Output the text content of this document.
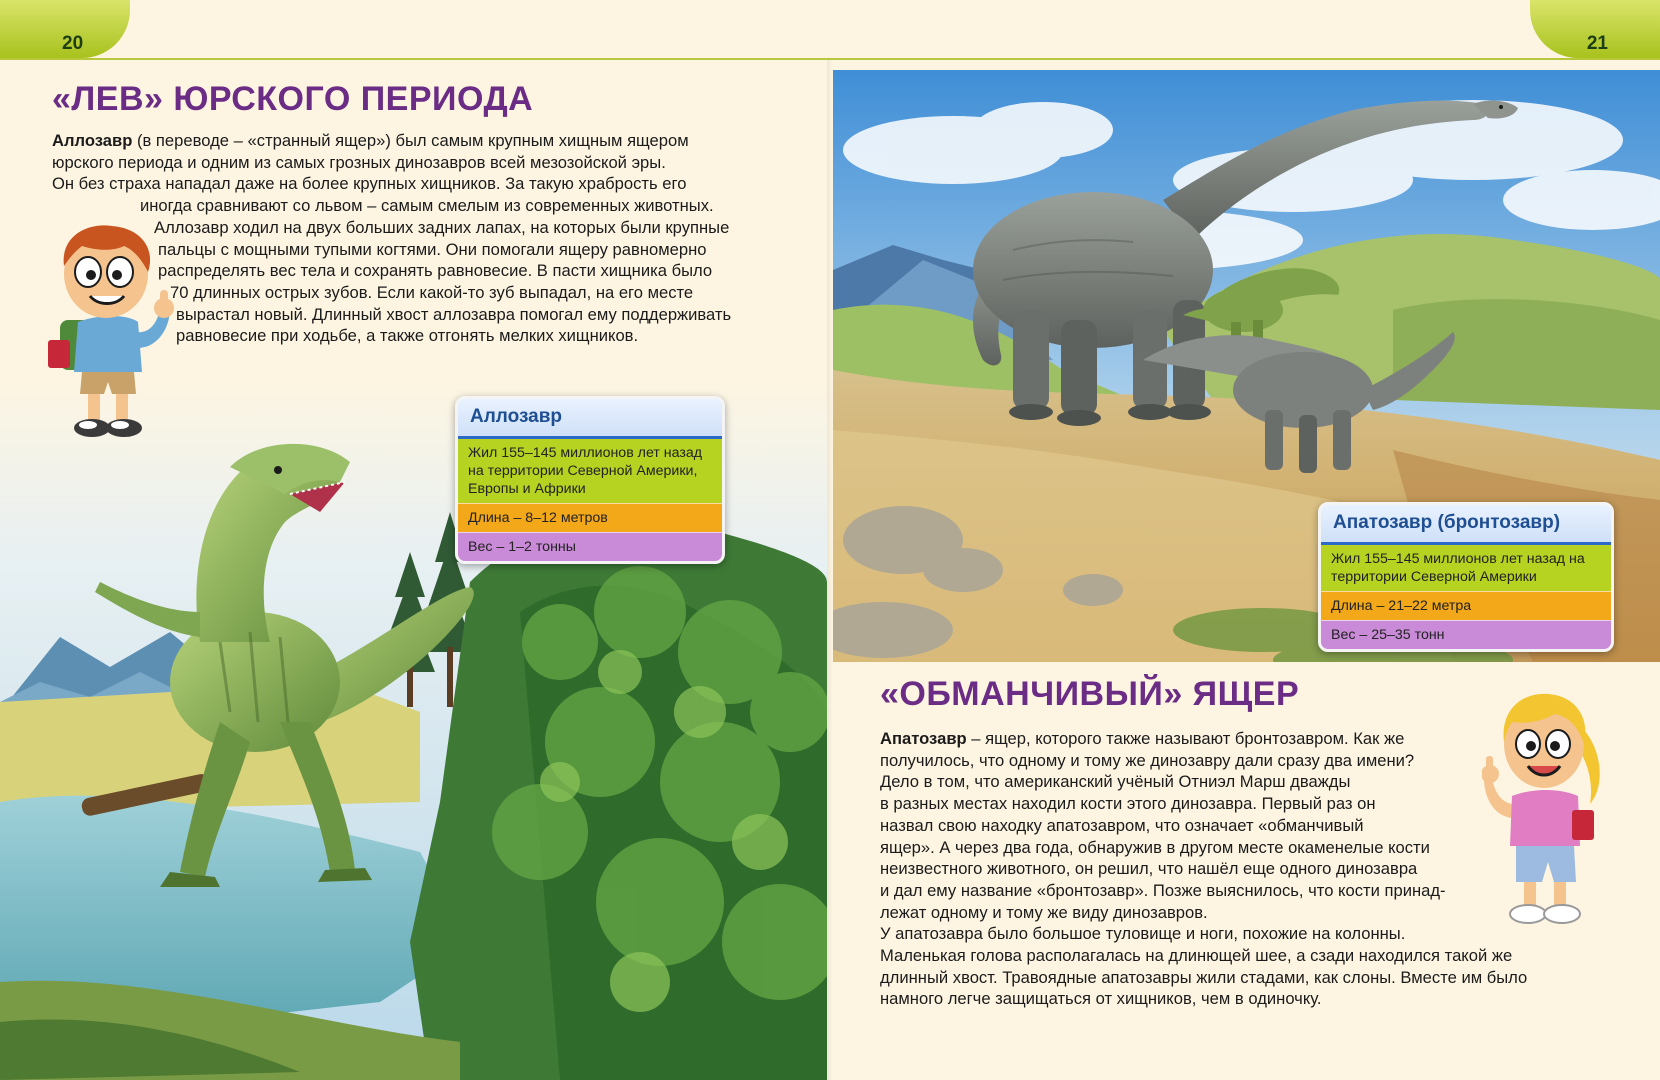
20	21
«ЛЕВ» ЮРСКОГО ПЕРИОДА
Аллозавр (в переводе – «странный ящер») был самым крупным хищным ящером
юрского периода и одним из самых грозных динозавров всей мезозойской эры.
Он без страха нападал даже на более крупных хищников. За такую храбрость его
иногда сравнивают со львом – самым смелым из современных животных.
Аллозавр ходил на двух больших задних лапах, на которых были крупные
пальцы с мощными тупыми когтями. Они помогали ящеру равномерно
распределять вес тела и сохранять равновесие. В пасти хищника было
70 длинных острых зубов. Если какой-то зуб выпадал, на его месте
вырастал новый. Длинный хвост аллозавра помогал ему поддерживать
равновесие при ходьбе, а также отгонять мелких хищников.
Аллозавр
Жил 155–145 миллионов лет назад на территории Северной Америки, Европы и Африки
Длина – 8–12 метров
Вес – 1–2 тонны
Апатозавр (бронтозавр)
Жил 155–145 миллионов лет назад на территории Северной Америки
Длина – 21–22 метра
Вес – 25–35 тонн
«ОБМАНЧИВЫЙ» ЯЩЕР
Апатозавр – ящер, которого также называют бронтозавром. Как же
получилось, что одному и тому же динозавру дали сразу два имени?
Дело в том, что американский учёный Отниэл Марш дважды
в разных местах находил кости этого динозавра. Первый раз он
назвал свою находку апатозавром, что означает «обманчивый
ящер». А через два года, обнаружив в другом месте окаменелые кости
неизвестного животного, он решил, что нашёл еще одного динозавра
и дал ему название «бронтозавр». Позже выяснилось, что кости принад-
лежат одному и тому же виду динозавров.
У апатозавра было большое туловище и ноги, похожие на колонны.
Маленькая голова располагалась на длинющей шее, а сзади находился такой же
длинный хвост. Травоядные апатозавры жили стадами, как слоны. Вместе им было
намного легче защищаться от хищников, чем в одиночку.
